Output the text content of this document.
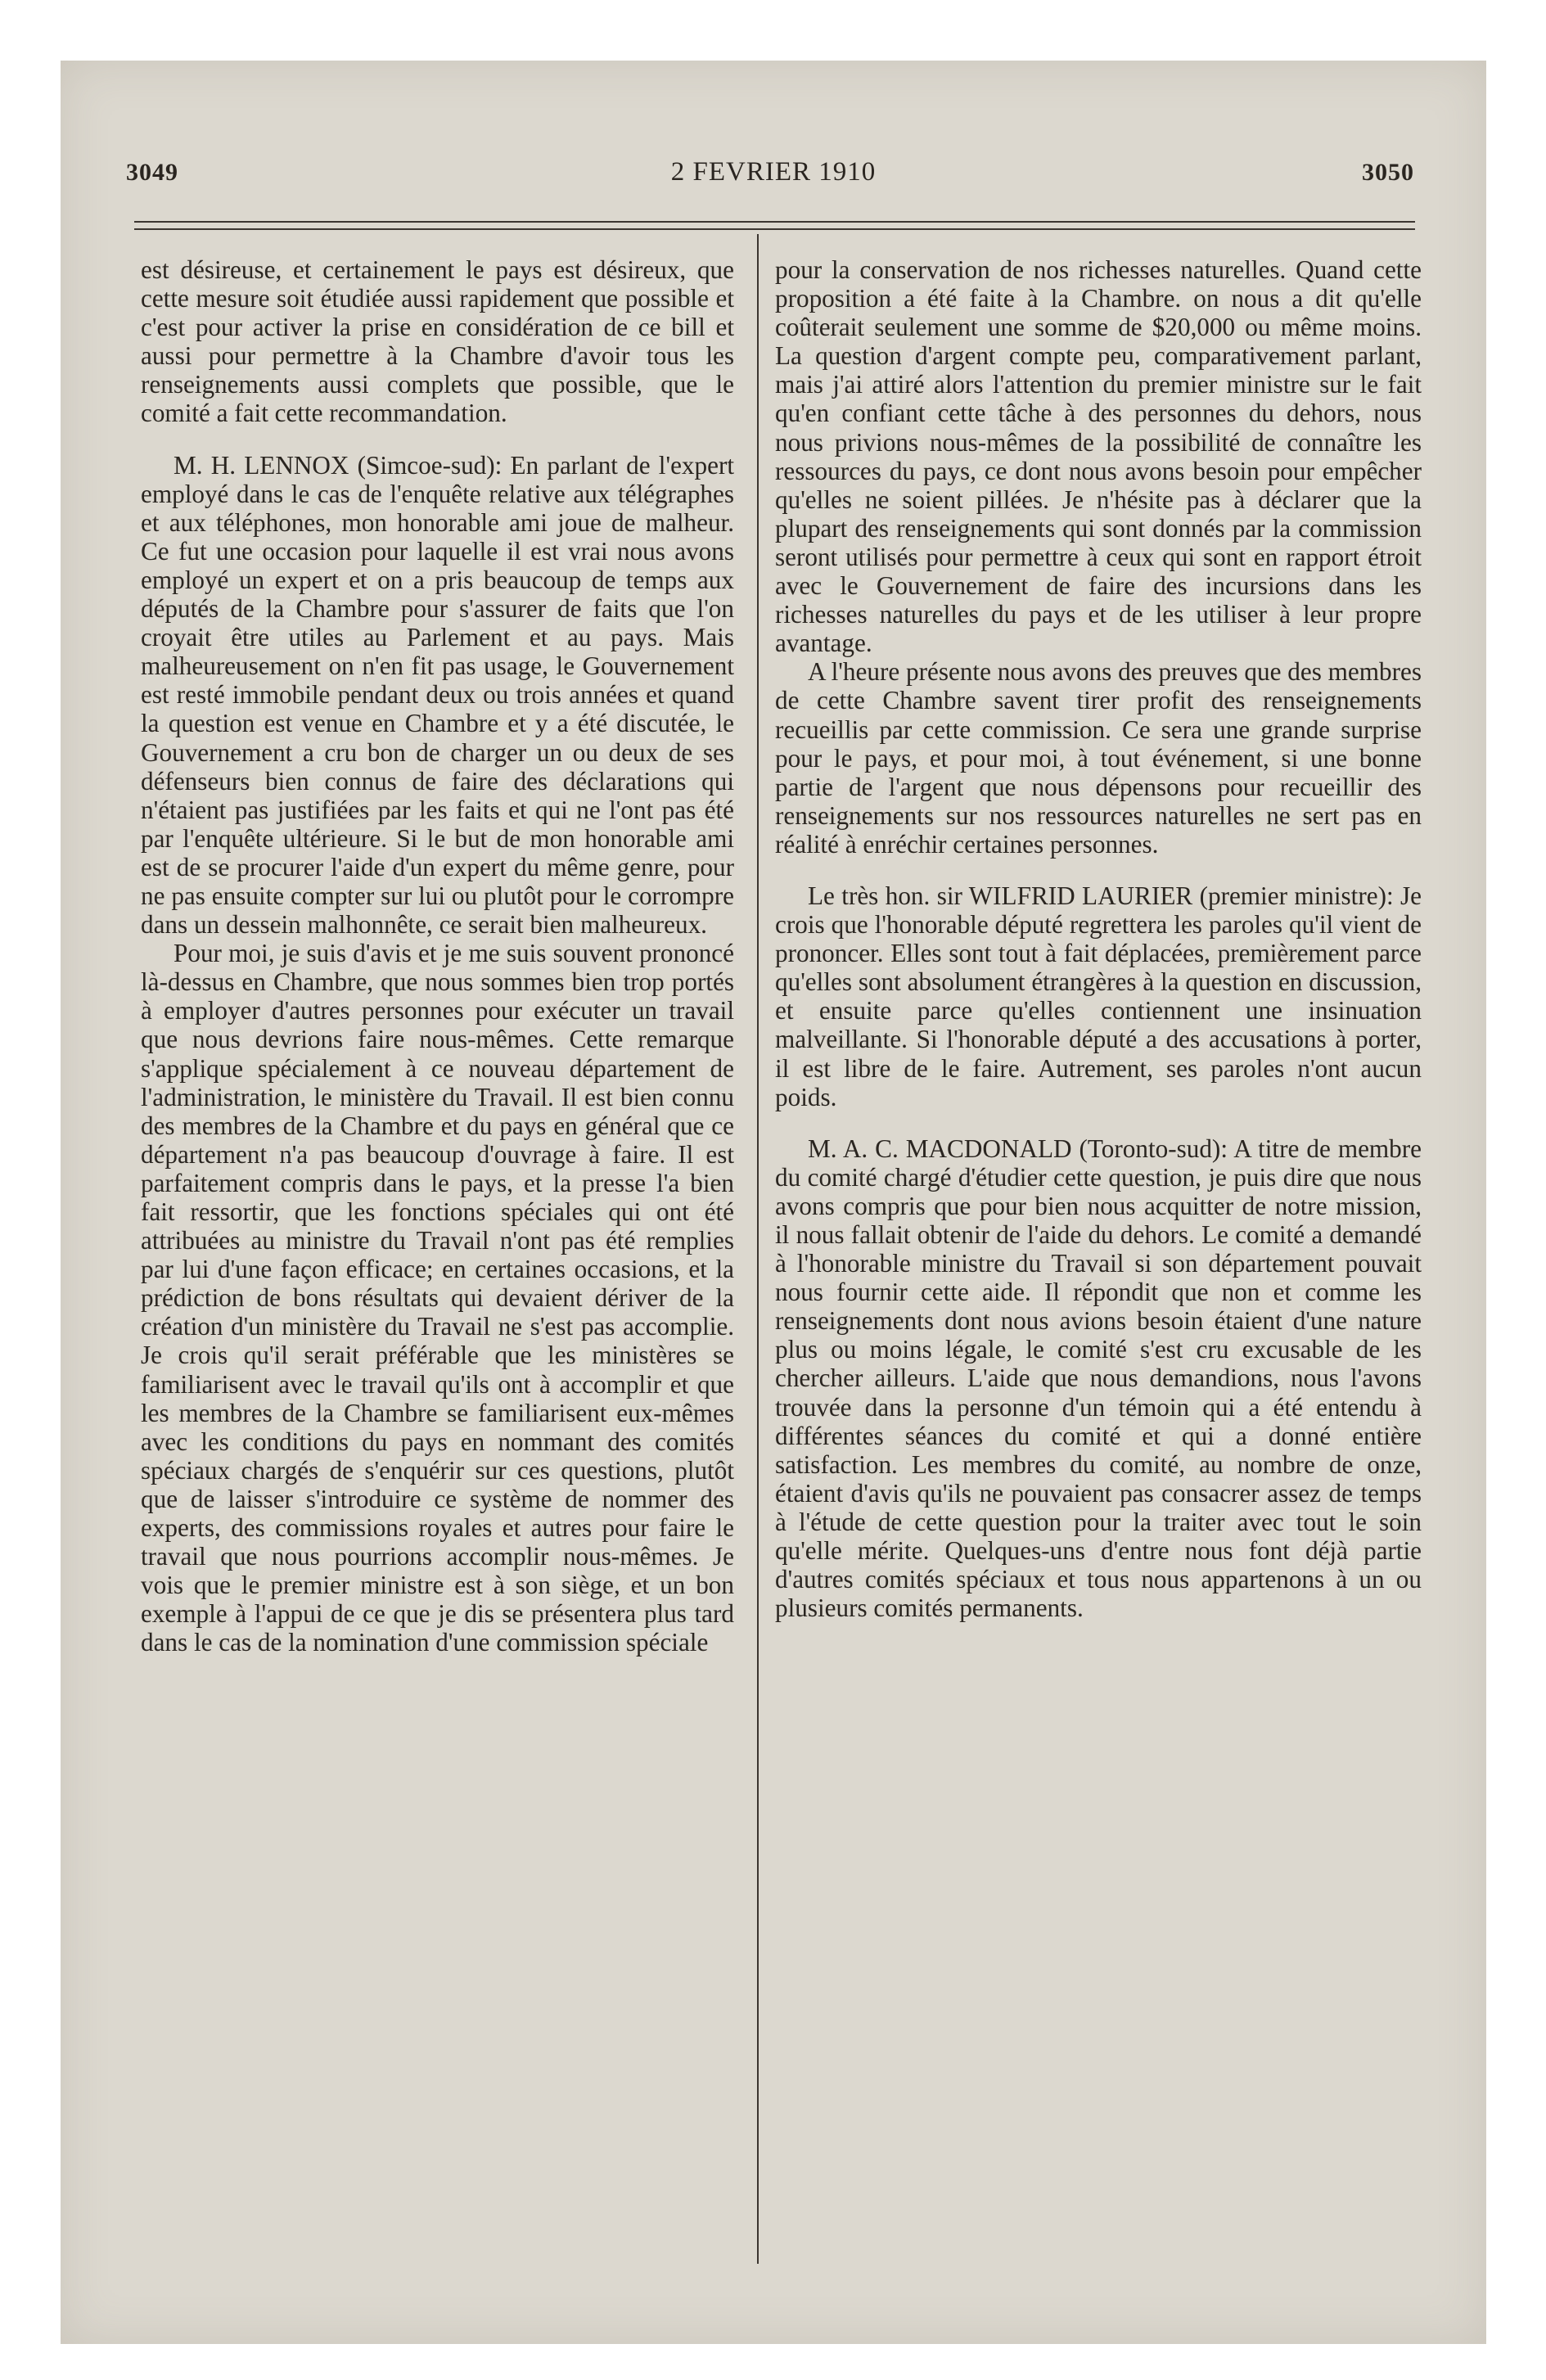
3049	2 FEVRIER 1910	3050

est désireuse, et certainement le pays est désireux, que cette mesure soit étudiée aussi rapidement que possible et c'est pour activer la prise en considération de ce bill et aussi pour permettre à la Chambre d'avoir tous les renseignements aussi complets que possible, que le comité a fait cette recommandation.

M. H. LENNOX (Simcoe-sud): En parlant de l'expert employé dans le cas de l'enquête relative aux télégraphes et aux téléphones, mon honorable ami joue de malheur. Ce fut une occasion pour laquelle il est vrai nous avons employé un expert et on a pris beaucoup de temps aux députés de la Chambre pour s'assurer de faits que l'on croyait être utiles au Parlement et au pays. Mais malheureusement on n'en fit pas usage, le Gouvernement est resté immobile pendant deux ou trois années et quand la question est venue en Chambre et y a été discutée, le Gouvernement a cru bon de charger un ou deux de ses défenseurs bien connus de faire des déclarations qui n'étaient pas justifiées par les faits et qui ne l'ont pas été par l'enquête ultérieure. Si le but de mon honorable ami est de se procurer l'aide d'un expert du même genre, pour ne pas ensuite compter sur lui ou plutôt pour le corrompre dans un dessein malhonnête, ce serait bien malheureux.

Pour moi, je suis d'avis et je me suis souvent prononcé là-dessus en Chambre, que nous sommes bien trop portés à employer d'autres personnes pour exécuter un travail que nous devrions faire nous-mêmes. Cette remarque s'applique spécialement à ce nouveau département de l'administration, le ministère du Travail. Il est bien connu des membres de la Chambre et du pays en général que ce département n'a pas beaucoup d'ouvrage à faire. Il est parfaitement compris dans le pays, et la presse l'a bien fait ressortir, que les fonctions spéciales qui ont été attribuées au ministre du Travail n'ont pas été remplies par lui d'une façon efficace; en certaines occasions, et la prédiction de bons résultats qui devaient dériver de la création d'un ministère du Travail ne s'est pas accomplie. Je crois qu'il serait préférable que les ministères se familiarisent avec le travail qu'ils ont à accomplir et que les membres de la Chambre se familiarisent eux-mêmes avec les conditions du pays en nommant des comités spéciaux chargés de s'enquérir sur ces questions, plutôt que de laisser s'introduire ce système de nommer des experts, des commissions royales et autres pour faire le travail que nous pourrions accomplir nous-mêmes. Je vois que le premier ministre est à son siège, et un bon exemple à l'appui de ce que je dis se présentera plus tard dans le cas de la nomination d'une commission spéciale

pour la conservation de nos richesses naturelles. Quand cette proposition a été faite à la Chambre. on nous a dit qu'elle coûterait seulement une somme de $20,000 ou même moins. La question d'argent compte peu, comparativement parlant, mais j'ai attiré alors l'attention du premier ministre sur le fait qu'en confiant cette tâche à des personnes du dehors, nous nous privions nous-mêmes de la possibilité de connaître les ressources du pays, ce dont nous avons besoin pour empêcher qu'elles ne soient pillées. Je n'hésite pas à déclarer que la plupart des renseignements qui sont donnés par la commission seront utilisés pour permettre à ceux qui sont en rapport étroit avec le Gouvernement de faire des incursions dans les richesses naturelles du pays et de les utiliser à leur propre avantage.

A l'heure présente nous avons des preuves que des membres de cette Chambre savent tirer profit des renseignements recueillis par cette commission. Ce sera une grande surprise pour le pays, et pour moi, à tout événement, si une bonne partie de l'argent que nous dépensons pour recueillir des renseignements sur nos ressources naturelles ne sert pas en réalité à enréchir certaines personnes.

Le très hon. sir WILFRID LAURIER (premier ministre): Je crois que l'honorable député regrettera les paroles qu'il vient de prononcer. Elles sont tout à fait déplacées, premièrement parce qu'elles sont absolument étrangères à la question en discussion, et ensuite parce qu'elles contiennent une insinuation malveillante. Si l'honorable député a des accusations à porter, il est libre de le faire. Autrement, ses paroles n'ont aucun poids.

M. A. C. MACDONALD (Toronto-sud): A titre de membre du comité chargé d'étudier cette question, je puis dire que nous avons compris que pour bien nous acquitter de notre mission, il nous fallait obtenir de l'aide du dehors. Le comité a demandé à l'honorable ministre du Travail si son département pouvait nous fournir cette aide. Il répondit que non et comme les renseignements dont nous avions besoin étaient d'une nature plus ou moins légale, le comité s'est cru excusable de les chercher ailleurs. L'aide que nous demandions, nous l'avons trouvée dans la personne d'un témoin qui a été entendu à différentes séances du comité et qui a donné entière satisfaction. Les membres du comité, au nombre de onze, étaient d'avis qu'ils ne pouvaient pas consacrer assez de temps à l'étude de cette question pour la traiter avec tout le soin qu'elle mérite. Quelques-uns d'entre nous font déjà partie d'autres comités spéciaux et tous nous appartenons à un ou plusieurs comités permanents.
